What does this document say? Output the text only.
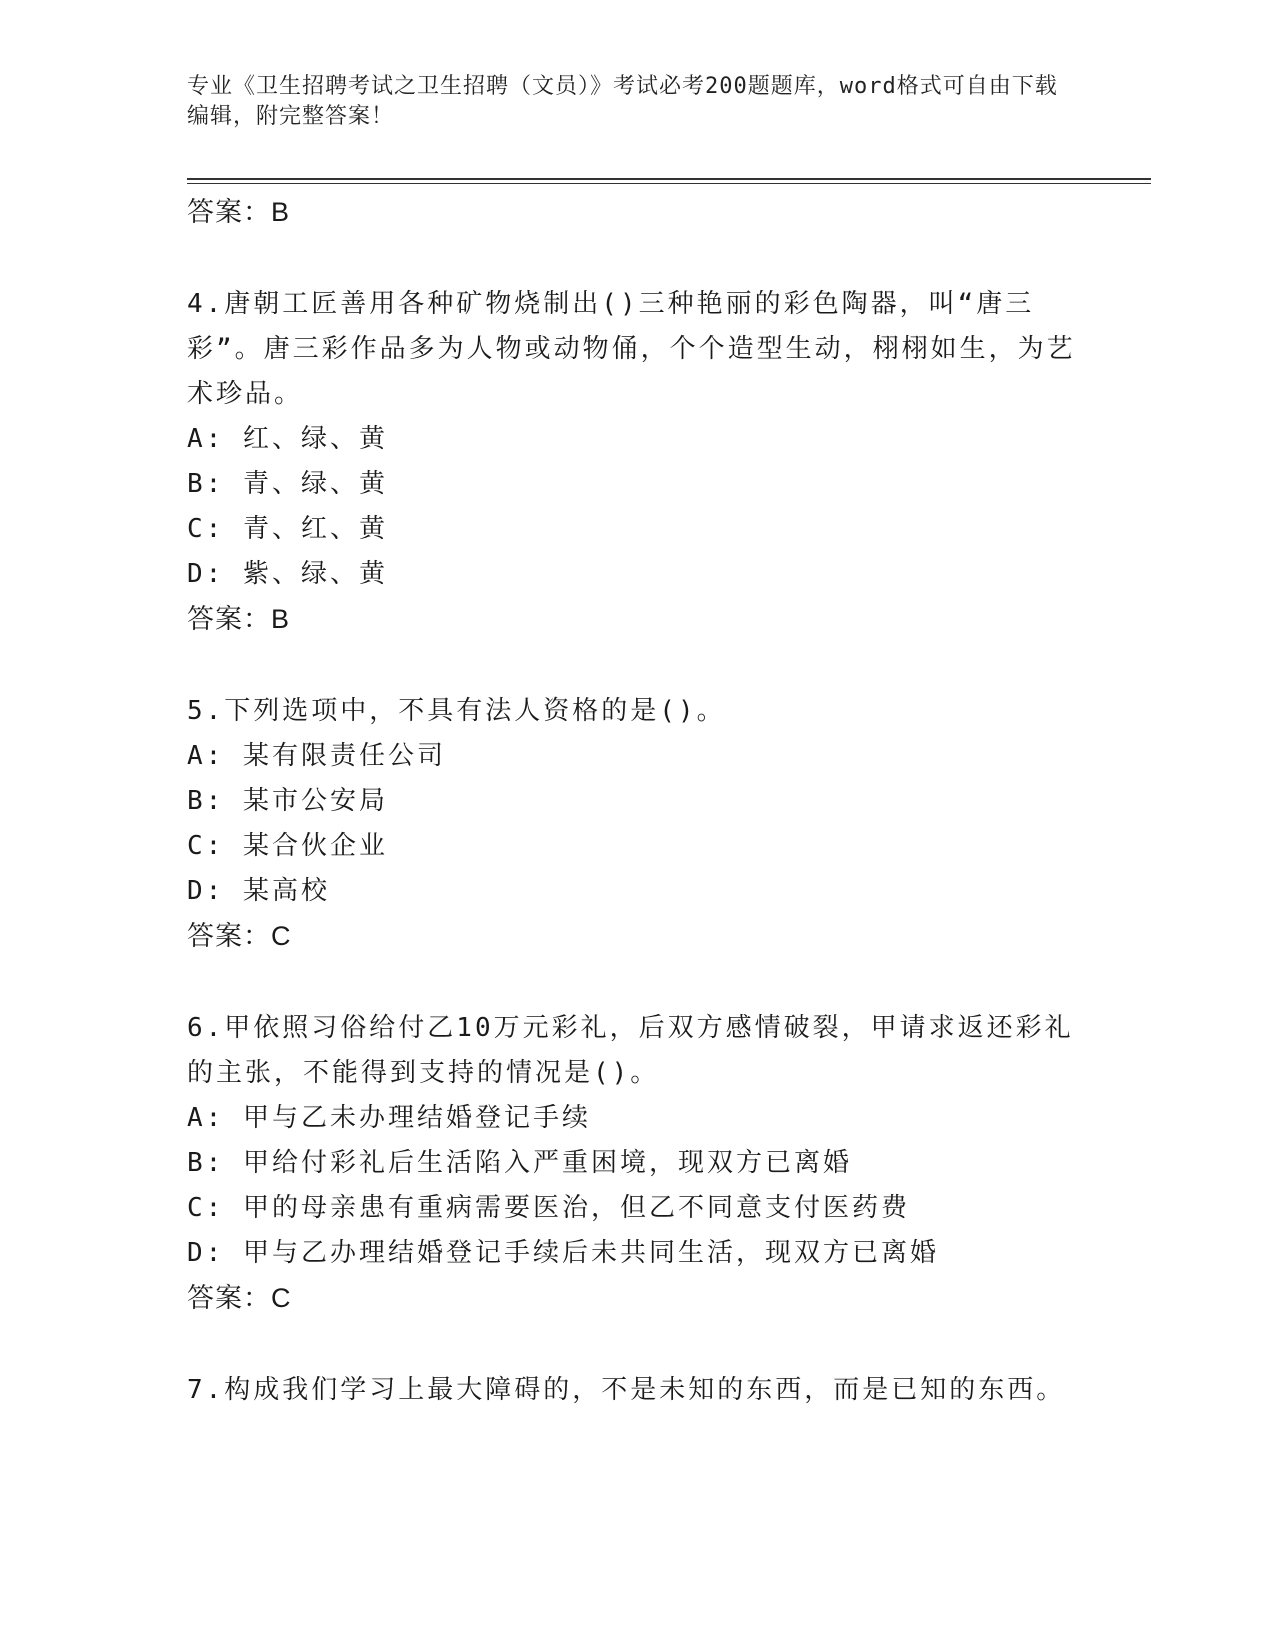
专业《卫生招聘考试之卫生招聘（文员）》考试必考200题题库，word格式可自由下载编辑，附完整答案！
答案：B
4.唐朝工匠善用各种矿物烧制出()三种艳丽的彩色陶器，叫“唐三彩”。唐三彩作品多为人物或动物俑，个个造型生动，栩栩如生，为艺术珍品。
A: 红、绿、黄
B: 青、绿、黄
C: 青、红、黄
D: 紫、绿、黄
答案：B
5.下列选项中，不具有法人资格的是()。
A: 某有限责任公司
B: 某市公安局
C: 某合伙企业
D: 某高校
答案：C
6.甲依照习俗给付乙10万元彩礼，后双方感情破裂，甲请求返还彩礼的主张，不能得到支持的情况是()。
A: 甲与乙未办理结婚登记手续
B: 甲给付彩礼后生活陷入严重困境，现双方已离婚
C: 甲的母亲患有重病需要医治，但乙不同意支付医药费
D: 甲与乙办理结婚登记手续后未共同生活，现双方已离婚
答案：C
7.构成我们学习上最大障碍的，不是未知的东西，而是已知的东西。
